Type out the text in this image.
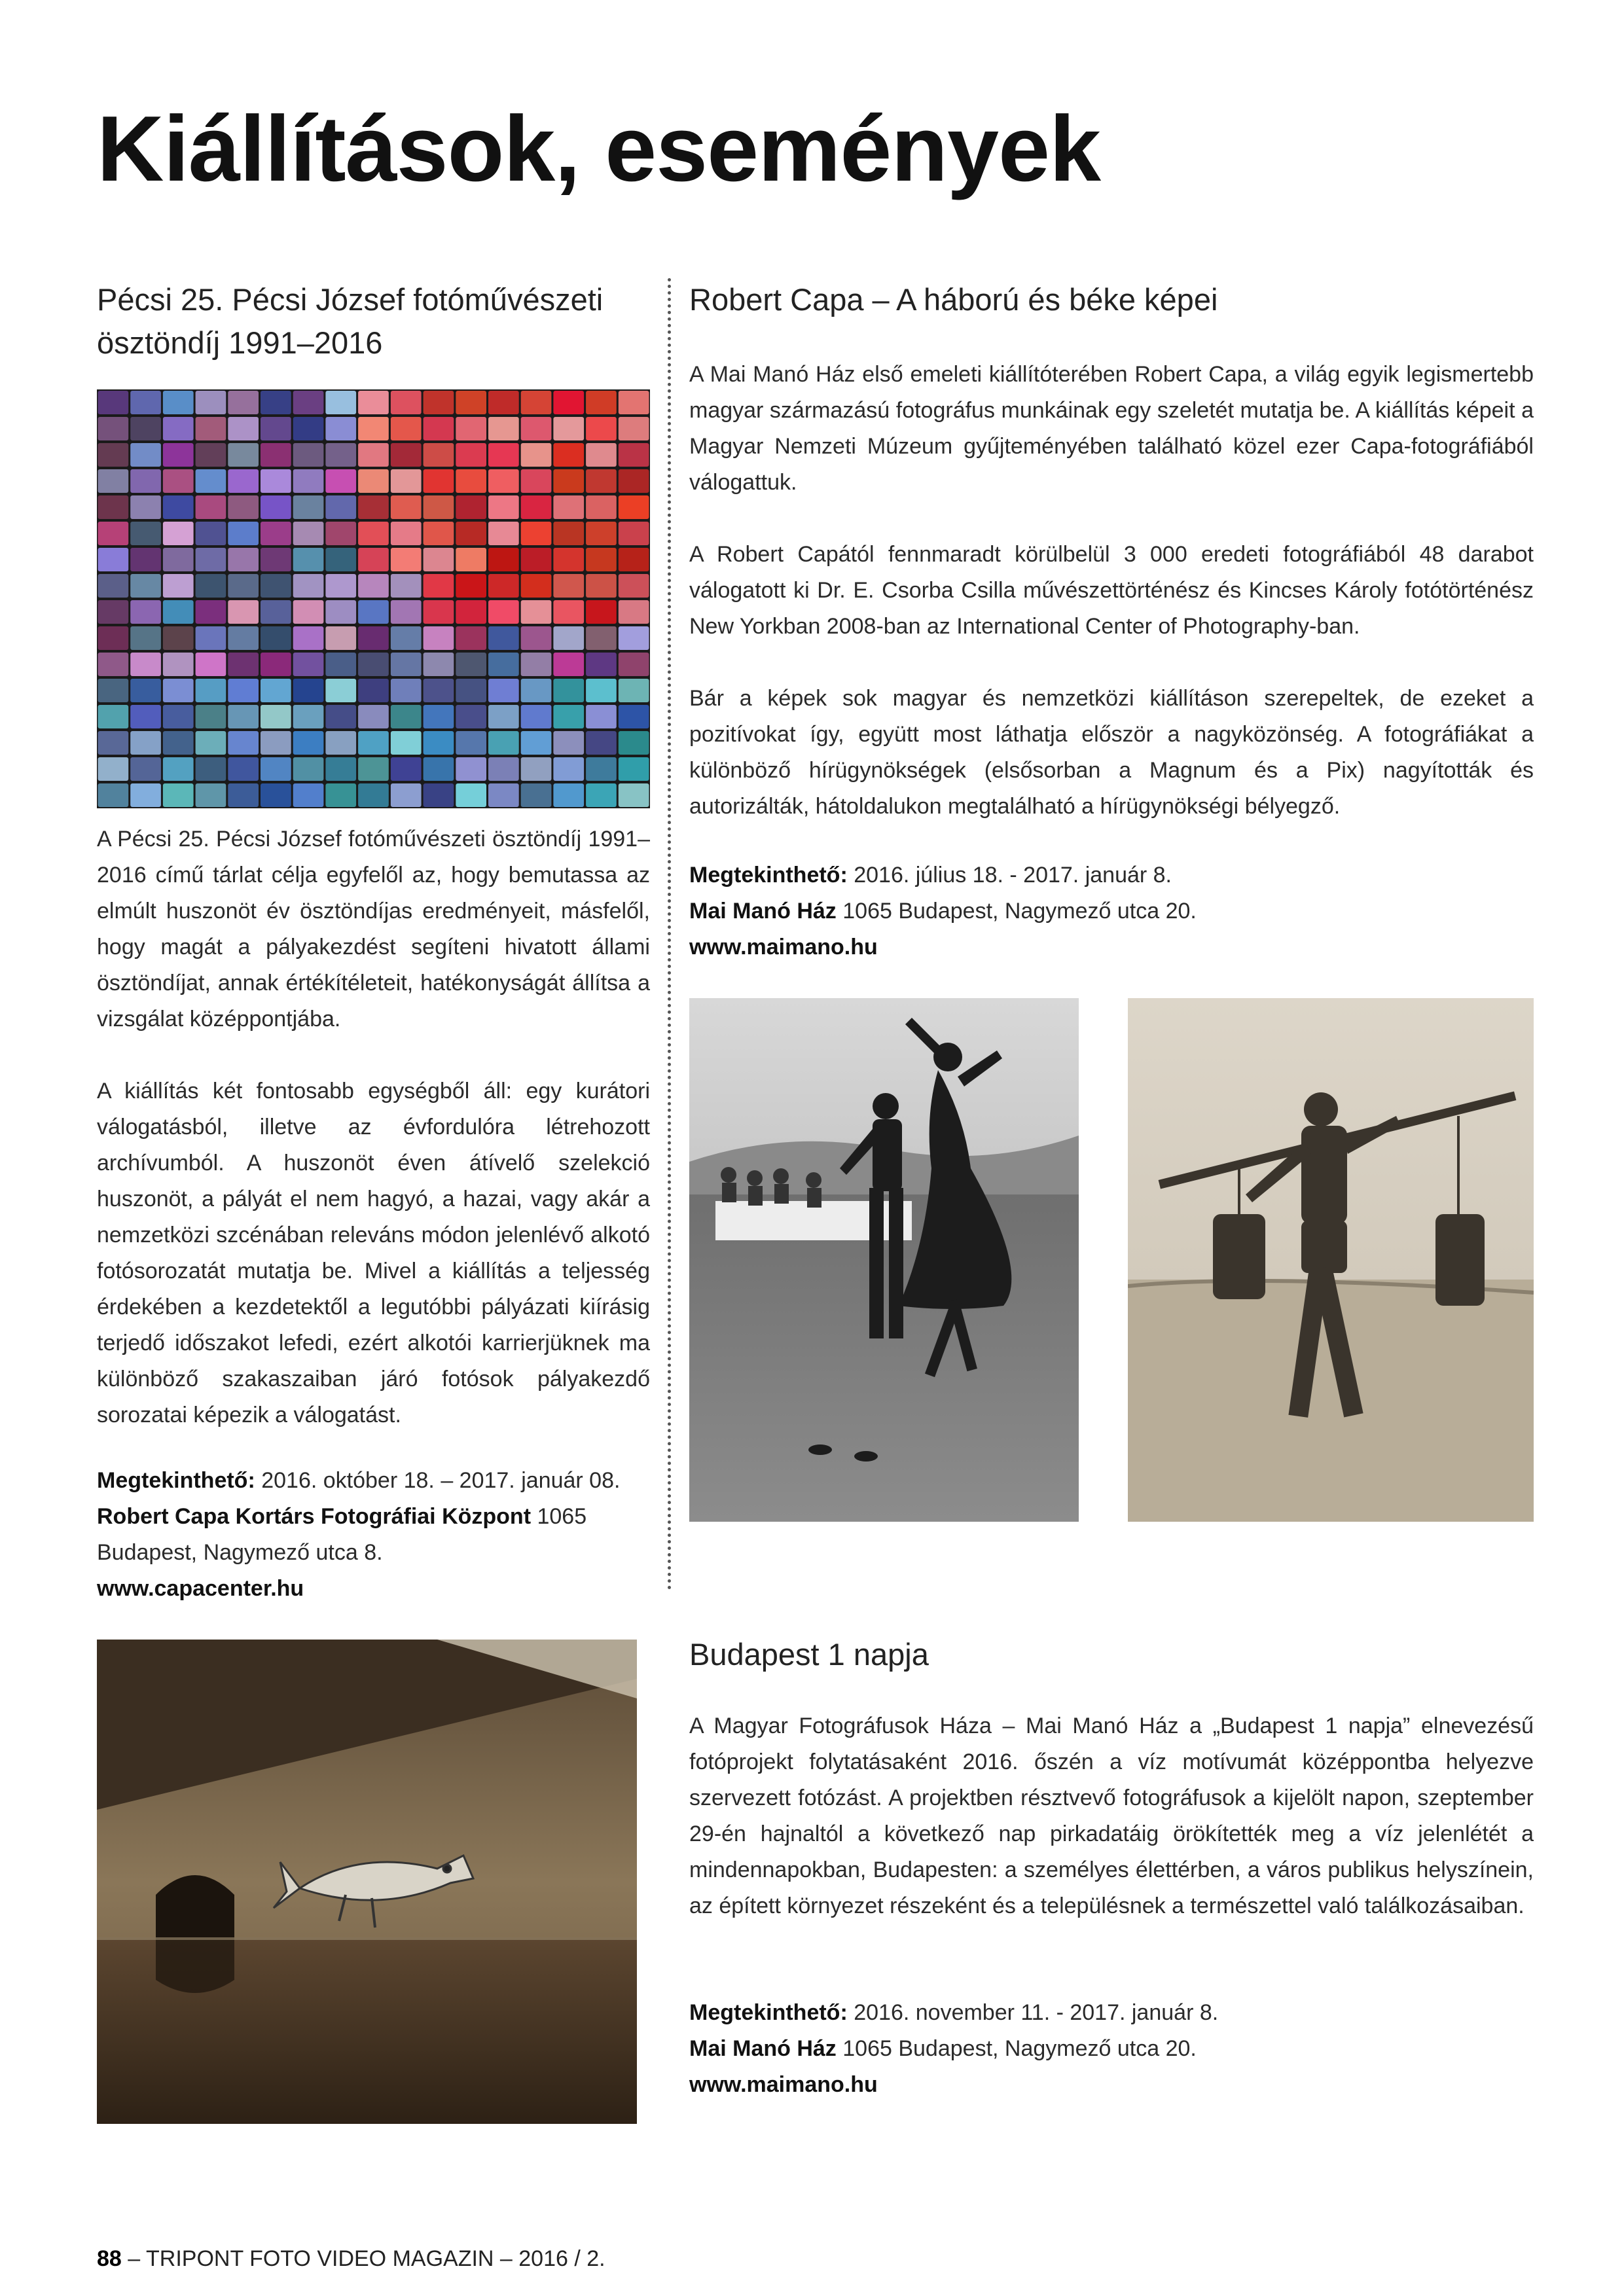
Kiállítások, események
Pécsi 25. Pécsi József fotóművészeti
ösztöndíj 1991–2016

A Pécsi 25. Pécsi József fotóművészeti ösztöndíj 1991–2016 című tárlat célja egyfelől az, hogy bemutassa az elmúlt huszonöt év ösztöndíjas eredményeit, másfelől, hogy magát a pályakezdést segíteni hivatott állami ösztöndíjat, annak értékítéleteit, hatékonyságát állítsa a vizsgálat középpontjába.

A kiállítás két fontosabb egységből áll: egy kurátori válogatásból, illetve az évfordulóra létrehozott archívumból. A huszonöt éven átívelő szelekció huszonöt, a pályát el nem hagyó, a hazai, vagy akár a nemzetközi szcénában releváns módon jelenlévő alkotó fotósorozatát mutatja be. Mivel a kiállítás a teljesség érdekében a kezdetektől a legutóbbi pályázati kiírásig terjedő időszakot lefedi, ezért alkotói karrierjüknek ma különböző szakaszaiban járó fotósok pályakezdő sorozatai képezik a válogatást.

Megtekinthető: 2016. október 18. – 2017. január 08.
Robert Capa Kortárs Fotográfiai Központ 1065
Budapest, Nagymező utca 8.
www.capacenter.hu
Robert Capa – A háború és béke képei

A Mai Manó Ház első emeleti kiállítóterében Robert Capa, a világ egyik legismertebb magyar származású fotográfus munkáinak egy szeletét mutatja be. A kiállítás képeit a Magyar Nemzeti Múzeum gyűjteményében található közel ezer Capa-fotográfiából válogattuk.

A Robert Capától fennmaradt körülbelül 3 000 eredeti fotográfiából 48 darabot válogatott ki Dr. E. Csorba Csilla művészettörténész és Kincses Károly fotótörténész New Yorkban 2008-ban az International Center of Photography-ban.

Bár a képek sok magyar és nemzetközi kiállításon szerepeltek, de ezeket a pozitívokat így, együtt most láthatja először a nagyközönség. A fotográfiákat a különböző hírügynökségek (elsősorban a Magnum és a Pix) nagyították és autorizálták, hátoldalukon megtalálható a hírügynökségi bélyegző.

Megtekinthető: 2016. július 18. - 2017. január 8.
Mai Manó Ház 1065 Budapest, Nagymező utca 20.
www.maimano.hu
Budapest 1 napja

A Magyar Fotográfusok Háza – Mai Manó Ház a „Budapest 1 napja” elnevezésű fotóprojekt folytatásaként 2016. őszén a víz motívumát középpontba helyezve szervezett fotózást. A projektben résztvevő fotográfusok a kijelölt napon, szeptember 29-én hajnaltól a következő nap pirkadatáig örökítették meg a víz jelenlétét a mindennapokban, Budapesten: a személyes élettérben, a város publikus helyszínein, az épített környezet részeként és a településnek a természettel való találkozásaiban.

Megtekinthető: 2016. november 11. - 2017. január 8.
Mai Manó Ház 1065 Budapest, Nagymező utca 20.
www.maimano.hu
88 – TRIPONT FOTO VIDEO MAGAZIN – 2016 / 2.
